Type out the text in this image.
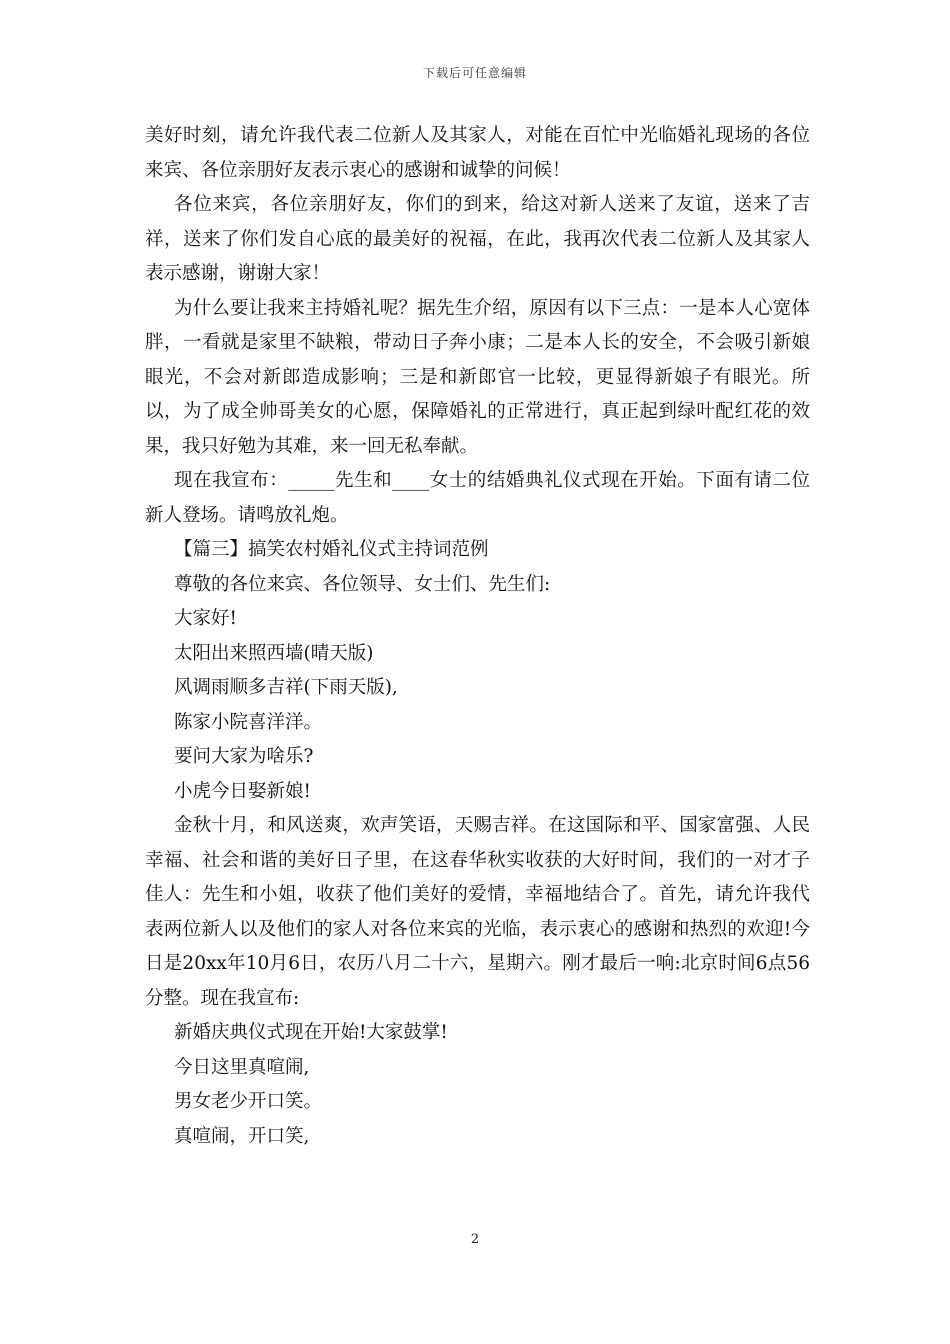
下载后可任意编辑

美好时刻，请允许我代表二位新人及其家人，对能在百忙中光临婚礼现场的各位来宾、各位亲朋好友表示衷心的感谢和诚挚的问候！

各位来宾，各位亲朋好友，你们的到来，给这对新人送来了友谊，送来了吉祥，送来了你们发自心底的最美好的祝福，在此，我再次代表二位新人及其家人表示感谢，谢谢大家！

为什么要让我来主持婚礼呢？据先生介绍，原因有以下三点：一是本人心宽体胖，一看就是家里不缺粮，带动日子奔小康；二是本人长的安全，不会吸引新娘眼光，不会对新郎造成影响；三是和新郎官一比较，更显得新娘子有眼光。所以，为了成全帅哥美女的心愿，保障婚礼的正常进行，真正起到绿叶配红花的效果，我只好勉为其难，来一回无私奉献。

现在我宣布：_____先生和____女士的结婚典礼仪式现在开始。下面有请二位新人登场。请鸣放礼炮。

【篇三】搞笑农村婚礼仪式主持词范例

尊敬的各位来宾、各位领导、女士们、先生们:

大家好!

太阳出来照西墙(晴天版)

风调雨顺多吉祥(下雨天版),

陈家小院喜洋洋。

要问大家为啥乐?

小虎今日娶新娘!

金秋十月，和风送爽，欢声笑语，天赐吉祥。在这国际和平、国家富强、人民幸福、社会和谐的美好日子里，在这春华秋实收获的大好时间，我们的一对才子佳人：先生和小姐，收获了他们美好的爱情，幸福地结合了。首先，请允许我代表两位新人以及他们的家人对各位来宾的光临，表示衷心的感谢和热烈的欢迎!今日是20xx年10月6日，农历八月二十六，星期六。刚才最后一响:北京时间6点56分整。现在我宣布:

新婚庆典仪式现在开始!大家鼓掌!

今日这里真喧闹,

男女老少开口笑。

真喧闹，开口笑,

2
